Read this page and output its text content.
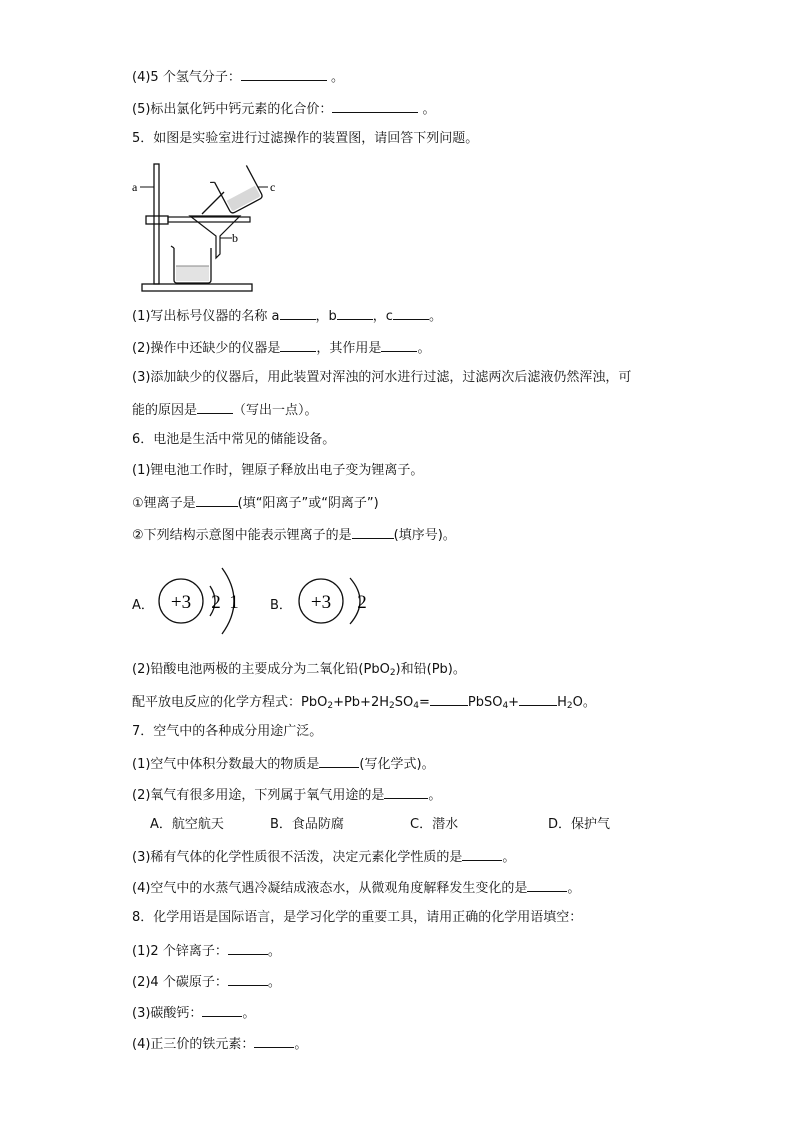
(4)5 个氢气分子：	。
(5)标出氯化钙中钙元素的化合价：	。
5．如图是实验室进行过滤操作的装置图，请回答下列问题。
a
b
c
(1)写出标号仪器的名称 a	，b	，c	。
(2)操作中还缺少的仪器是	，其作用是	。
(3)添加缺少的仪器后，用此装置对浑浊的河水进行过滤，过滤两次后滤液仍然浑浊，可
能的原因是	（写出一点）。
6．电池是生活中常见的储能设备。
(1)锂电池工作时，锂原子释放出电子变为锂离子。
①锂离子是	(填“阳离子”或“阴离子”)
②下列结构示意图中能表示锂离子的是	(填序号)。
A． +3 2 1 B． +3 2
(2)铅酸电池两极的主要成分为二氧化铅(PbO$_2$)和铅(Pb)。
配平放电反应的化学方程式：$PbO_2+Pb+2H_2SO_4=$	PbSO$_4$+	$H_2O$。
7．空气中的各种成分用途广泛。
(1)空气中体积分数最大的物质是	(写化学式)。
(2)氧气有很多用途，下列属于氧气用途的是	。
A．航空航天	B．食品防腐	C．潜水	D．保护气
(3)稀有气体的化学性质很不活泼，决定元素化学性质的是	。
(4)空气中的水蒸气遇冷凝结成液态水，从微观角度解释发生变化的是	。
8．化学用语是国际语言，是学习化学的重要工具，请用正确的化学用语填空：
(1)2 个锌离子：	。
(2)4 个碳原子：	。
(3)碳酸钙：	。
(4)正三价的铁元素：	。
